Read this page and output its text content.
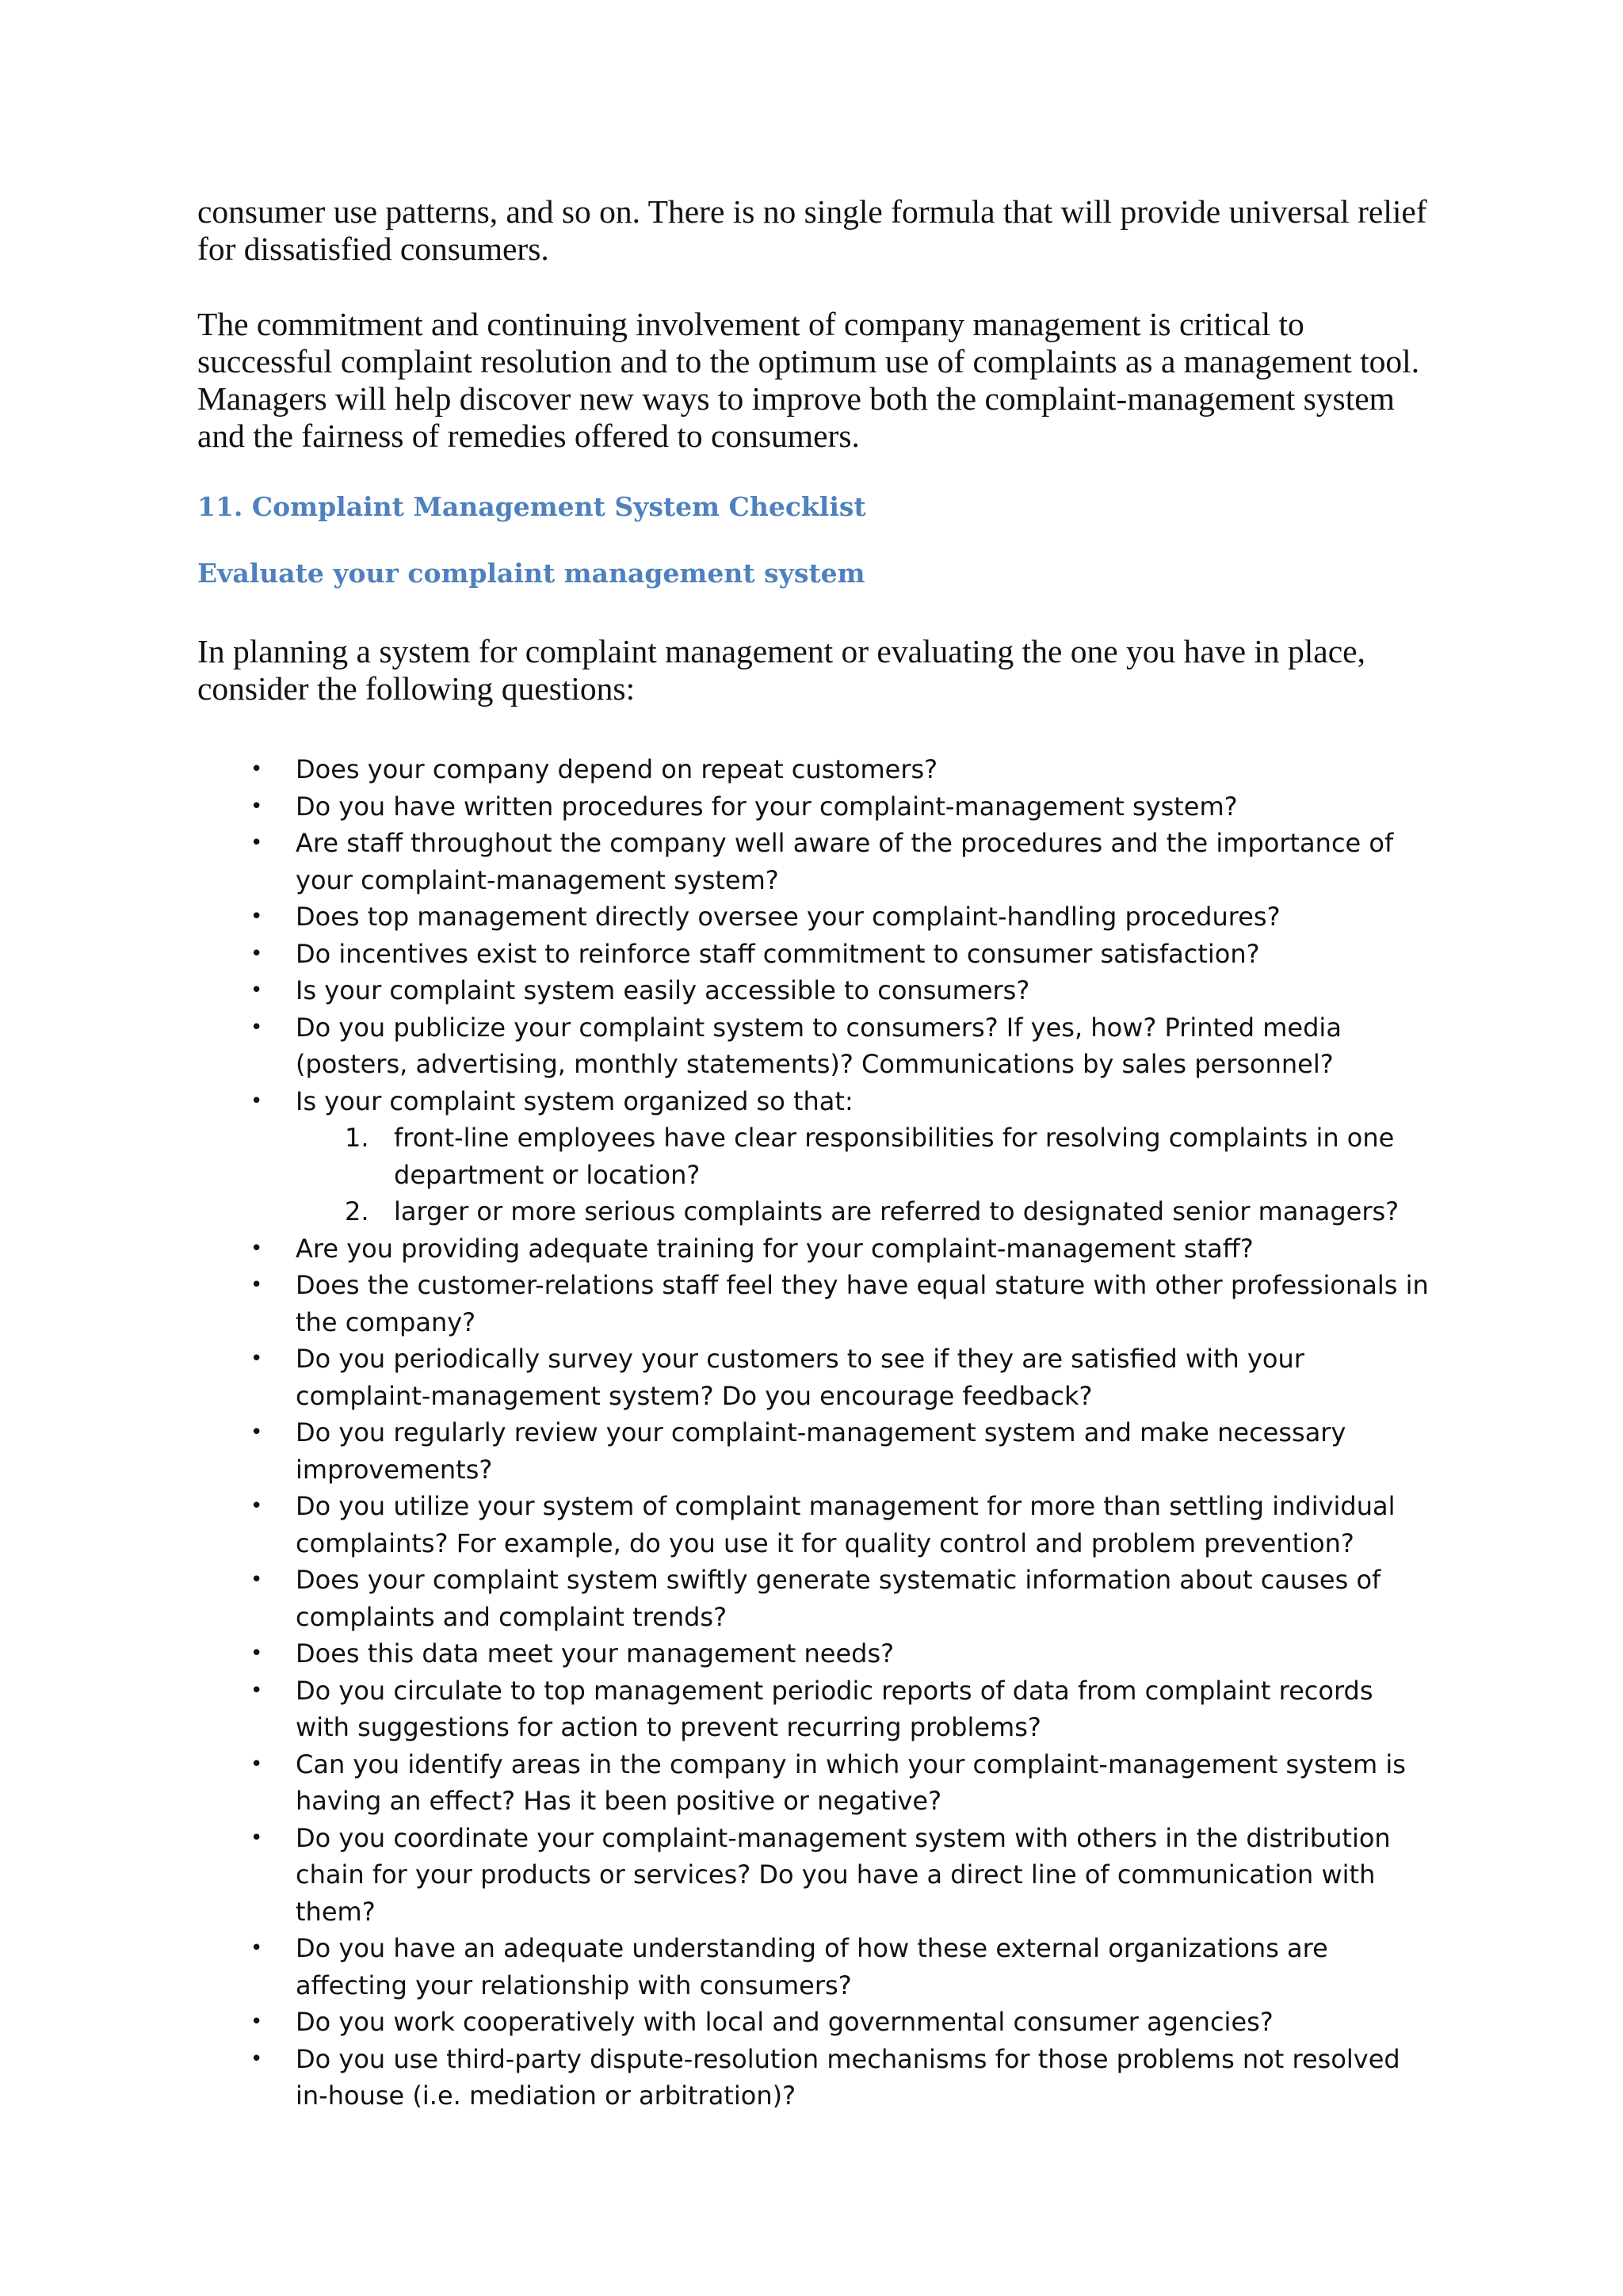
consumer use patterns, and so on. There is no single formula that will provide universal relief for dissatisfied consumers.

The commitment and continuing involvement of company management is critical to successful complaint resolution and to the optimum use of complaints as a management tool. Managers will help discover new ways to improve both the complaint-management system and the fairness of remedies offered to consumers.

11. Complaint Management System Checklist
Evaluate your complaint management system

In planning a system for complaint management or evaluating the one you have in place, consider the following questions:

• Does your company depend on repeat customers?
• Do you have written procedures for your complaint-management system?
• Are staff throughout the company well aware of the procedures and the importance of your complaint-management system?
• Does top management directly oversee your complaint-handling procedures?
• Do incentives exist to reinforce staff commitment to consumer satisfaction?
• Is your complaint system easily accessible to consumers?
• Do you publicize your complaint system to consumers? If yes, how? Printed media (posters, advertising, monthly statements)? Communications by sales personnel?
• Is your complaint system organized so that:
1. front-line employees have clear responsibilities for resolving complaints in one department or location?
2. larger or more serious complaints are referred to designated senior managers?
• Are you providing adequate training for your complaint-management staff?
• Does the customer-relations staff feel they have equal stature with other professionals in the company?
• Do you periodically survey your customers to see if they are satisfied with your complaint-management system? Do you encourage feedback?
• Do you regularly review your complaint-management system and make necessary improvements?
• Do you utilize your system of complaint management for more than settling individual complaints? For example, do you use it for quality control and problem prevention?
• Does your complaint system swiftly generate systematic information about causes of complaints and complaint trends?
• Does this data meet your management needs?
• Do you circulate to top management periodic reports of data from complaint records with suggestions for action to prevent recurring problems?
• Can you identify areas in the company in which your complaint-management system is having an effect? Has it been positive or negative?
• Do you coordinate your complaint-management system with others in the distribution chain for your products or services? Do you have a direct line of communication with them?
• Do you have an adequate understanding of how these external organizations are affecting your relationship with consumers?
• Do you work cooperatively with local and governmental consumer agencies?
• Do you use third-party dispute-resolution mechanisms for those problems not resolved in-house (i.e. mediation or arbitration)?
